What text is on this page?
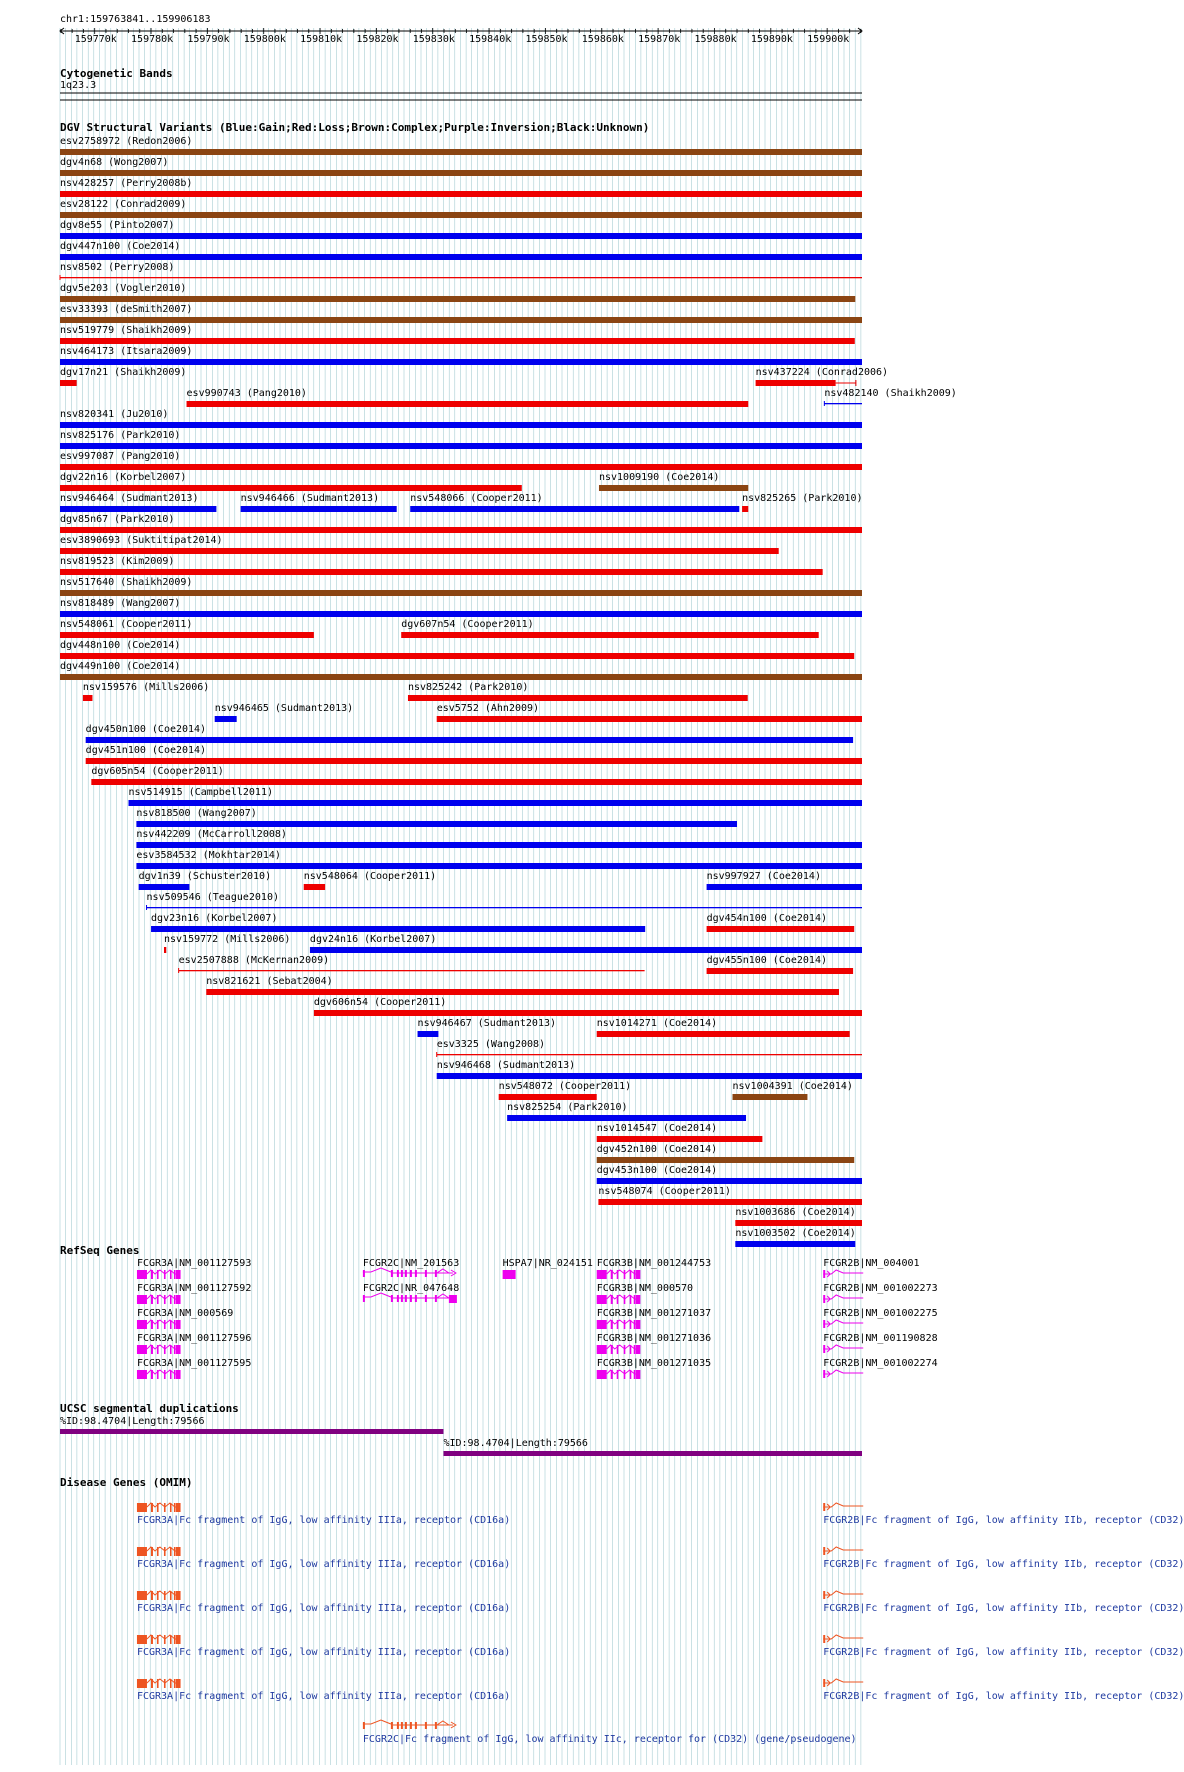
chr1:159763841..159906183
Cytogenetic Bands
1q23.3
DGV Structural Variants (Blue:Gain;Red:Loss;Brown:Complex;Purple:Inversion;Black:Unknown)
RefSeq Genes
UCSC segmental duplications
Disease Genes (OMIM)
159770k 159780k 159790k 159800k 159810k 159820k 159830k 159840k 159850k 159860k 159870k 159880k 159890k 159900k
esv2758972 (Redon2006)
dgv4n68 (Wong2007)
nsv428257 (Perry2008b)
esv28122 (Conrad2009)
dgv8e55 (Pinto2007)
dgv447n100 (Coe2014)
nsv8502 (Perry2008)
dgv5e203 (Vogler2010)
esv33393 (deSmith2007)
nsv519779 (Shaikh2009)
nsv464173 (Itsara2009)
dgv17n21 (Shaikh2009)
esv990743 (Pang2010)
nsv437224 (Conrad2006)
nsv820341 (Ju2010)
nsv825176 (Park2010)
esv997087 (Pang2010)
dgv22n16 (Korbel2007)	nsv1009190 (Coe2014)
nsv482140 (Shaikh2009)
nsv946464 (Sudmant2013)	nsv946466 (Sudmant2013)	nsv548066 (Cooper2011)	nsv825265 (Park2010)
dgv85n67 (Park2010)
esv3890693 (Suktitipat2014)
nsv819523 (Kim2009)
nsv517640 (Shaikh2009)
nsv818489 (Wang2007)
nsv548061 (Cooper2011)	dgv607n54 (Cooper2011)
dgv448n100 (Coe2014)
dgv449n100 (Coe2014)
nsv159576 (Mills2006)
nsv946465 (Sudmant2013)
nsv825242 (Park2010)
dgv450n100 (Coe2014)
dgv451n100 (Coe2014)
dgv605n54 (Cooper2011)
nsv514915 (Campbell2011)
nsv818500 (Wang2007)
nsv442209 (McCarroll2008)
esv3584532 (Mokhtar2014)
dgv1n39 (Schuster2010)	nsv548064 (Cooper2011)
esv5752 (Ahn2009)
nsv509546 (Teague2010)
dgv23n16 (Korbel2007)
nsv997927 (Coe2014)
nsv159772 (Mills2006) dgv24n16 (Korbel2007)
esv2507888 (McKernan2009)
dgv454n100 (Coe2014)
nsv821621 (Sebat2004)
dgv606n54 (Cooper2011)
nsv946467 (Sudmant2013)	nsv1014271 (Coe2014)
esv3325 (Wang2008)
nsv946468 (Sudmant2013)
nsv548072 (Cooper2011)
dgv455n100 (Coe2014)
nsv825254 (Park2010)
nsv1014547 (Coe2014)
dgv452n100 (Coe2014)
dgv453n100 (Coe2014)
nsv548074 (Cooper2011)
nsv1004391 (Coe2014)
nsv1003686 (Coe2014)
nsv1003502 (Coe2014)
FCGR3A|NM_001127593
FCGR3A|NM_001127592
FCGR3A|NM_000569
FCGR3A|NM_001127596
FCGR3A|NM_001127595
FCGR2C|NM_201563
FCGR2C|NR_047648
HSPA7|NR_024151 FCGR3B|NM_001244753
FCGR3B|NM_000570
FCGR3B|NM_001271037
FCGR3B|NM_001271036
FCGR3B|NM_001271035
FCGR2B|NM_004001
FCGR2B|NM_001002273
FCGR2B|NM_001002275
FCGR2B|NM_001190828
FCGR2B|NM_001002274
%ID:98.4704|Length:79566
%ID:98.4704|Length:79566
FCGR3A|Fc fragment of IgG, low affinity IIIa, receptor (CD16a)
FCGR3A|Fc fragment of IgG, low affinity IIIa, receptor (CD16a)
FCGR3A|Fc fragment of IgG, low affinity IIIa, receptor (CD16a)
FCGR3A|Fc fragment of IgG, low affinity IIIa, receptor (CD16a)
FCGR3A|Fc fragment of IgG, low affinity IIIa, receptor (CD16a)
FCGR2B|Fc fragment of IgG, low affinity IIb, receptor (CD32)
FCGR2B|Fc fragment of IgG, low affinity IIb, receptor (CD32)
FCGR2B|Fc fragment of IgG, low affinity IIb, receptor (CD32)
FCGR2B|Fc fragment of IgG, low affinity IIb, receptor (CD32)
FCGR2B|Fc fragment of IgG, low affinity IIb, receptor (CD32)
FCGR2C|Fc fragment of IgG, low affinity IIc, receptor for (CD32) (gene/pseudogene)
